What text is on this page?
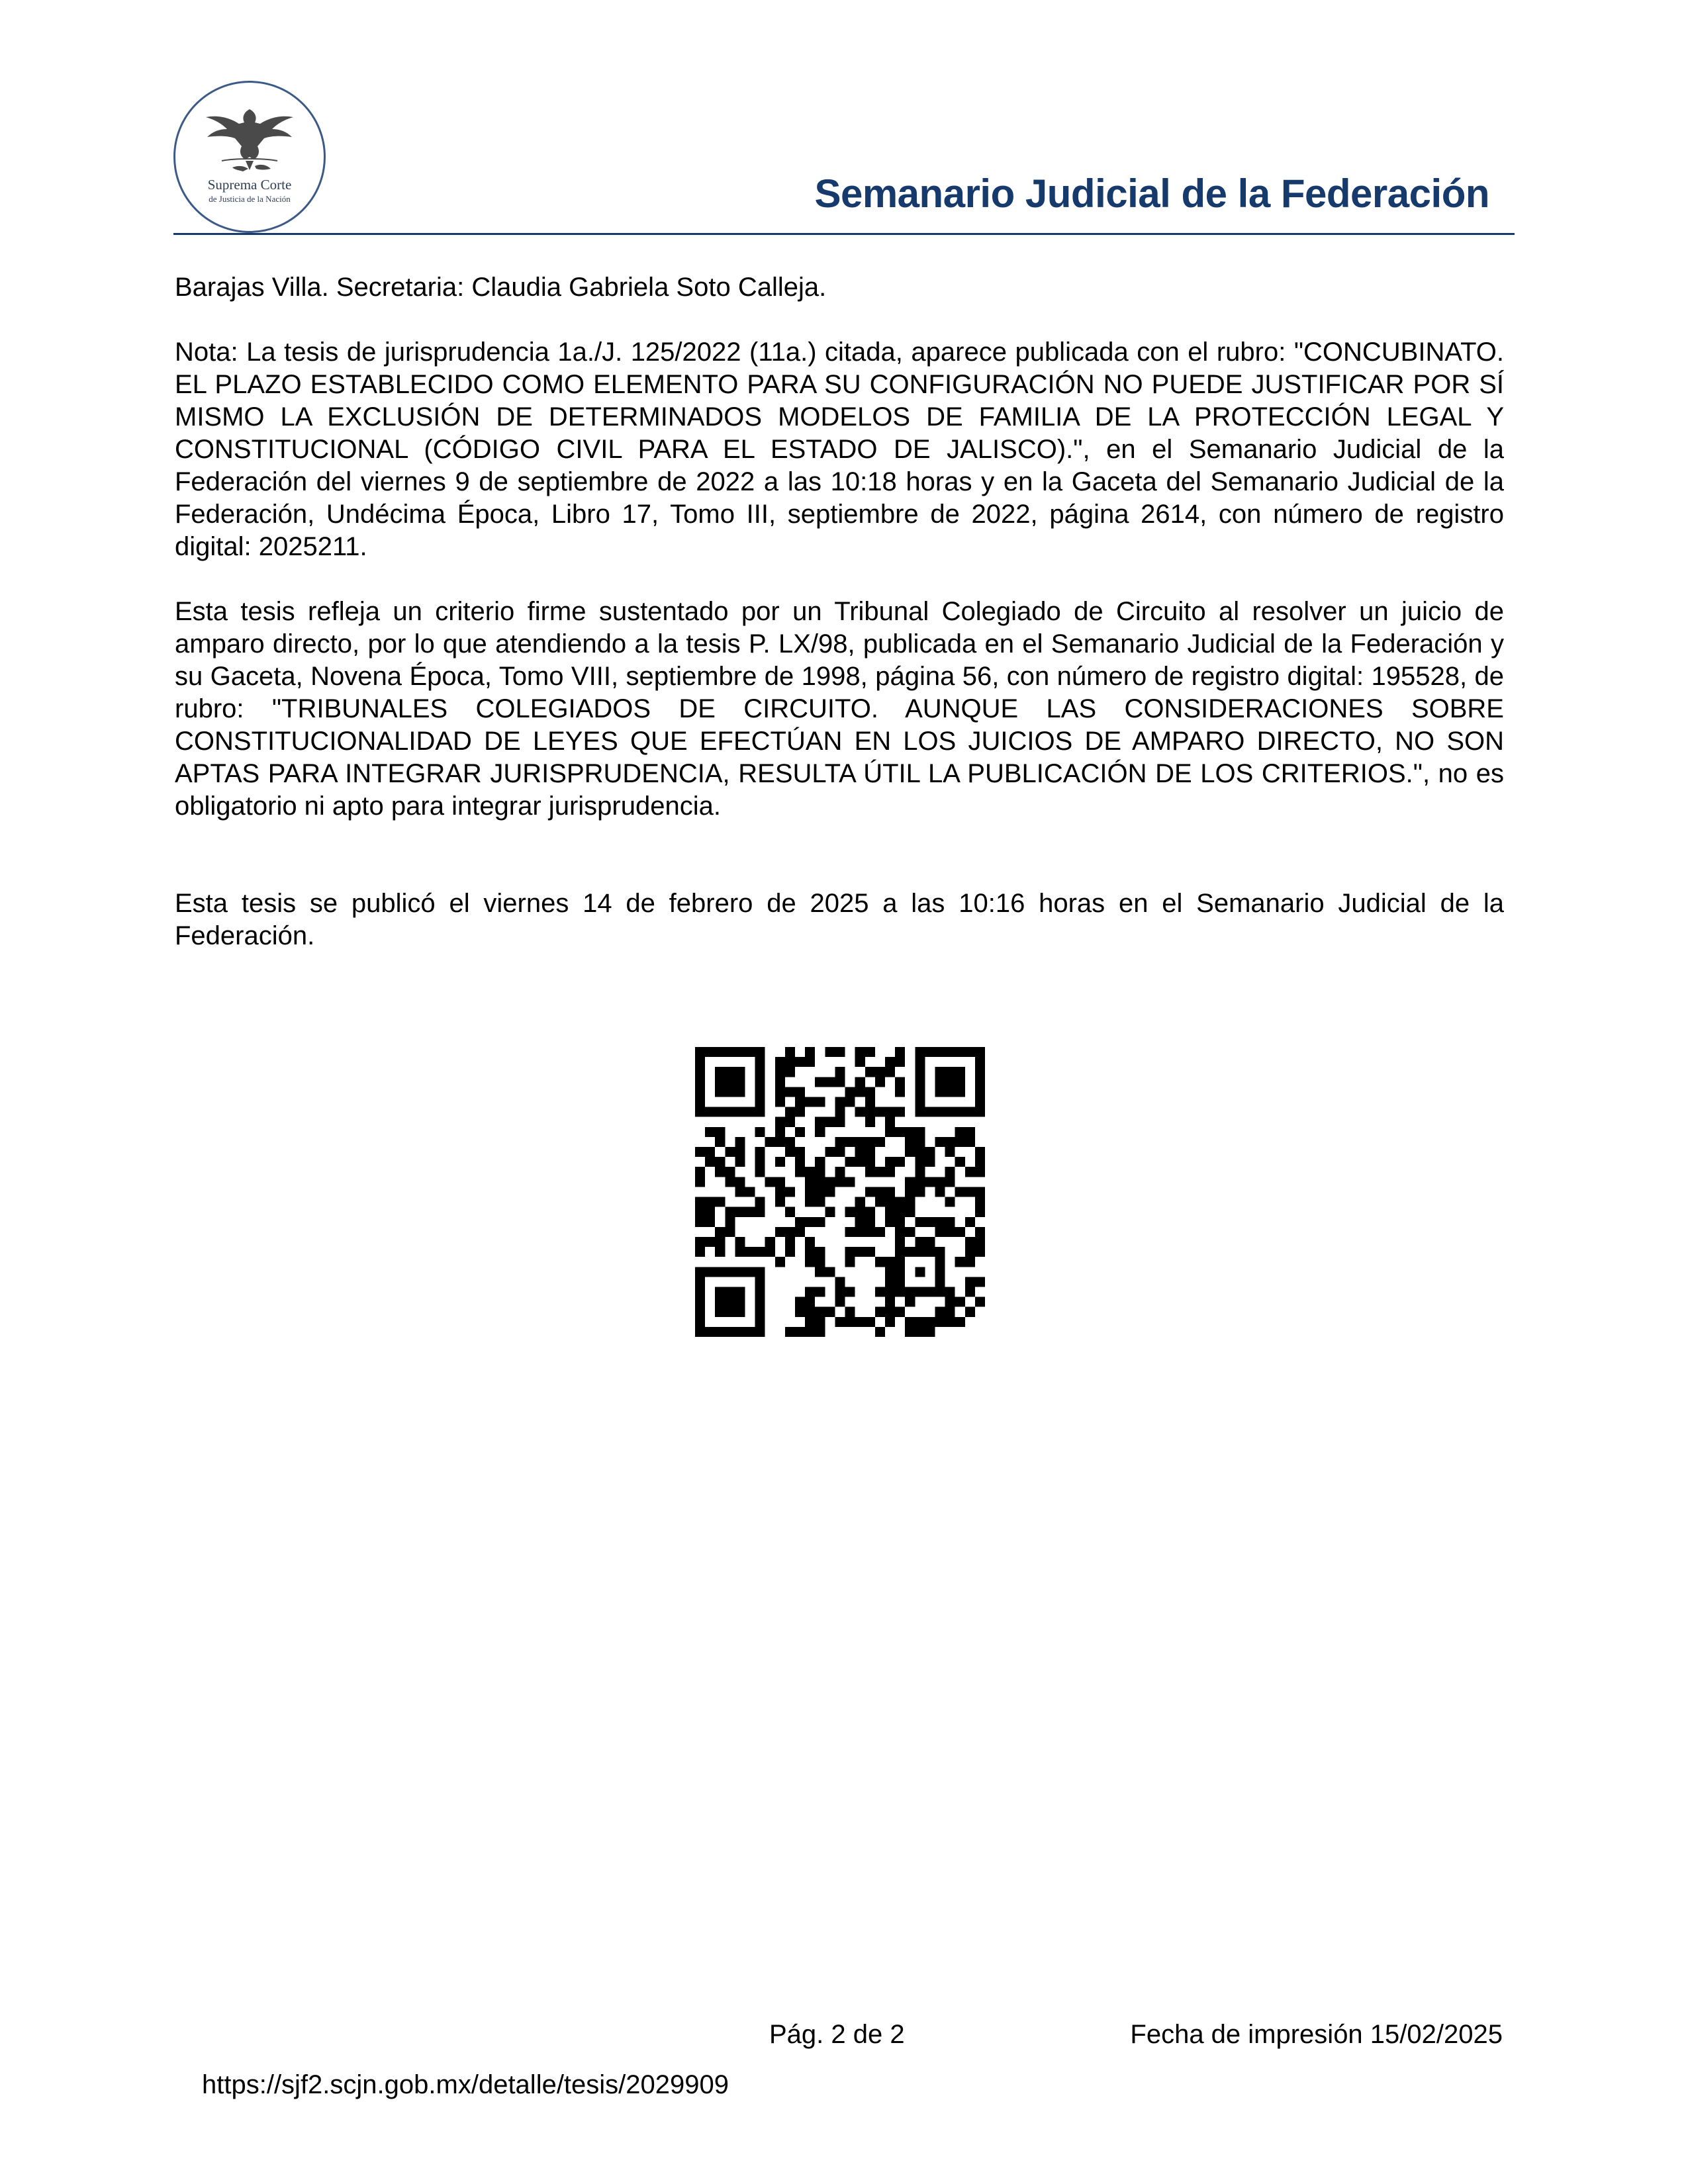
Suprema Corte
de Justicia de la Nación	Semanario Judicial de la Federación

Barajas Villa. Secretaria: Claudia Gabriela Soto Calleja.

Nota: La tesis de jurisprudencia 1a./J. 125/2022 (11a.) citada, aparece publicada con el rubro: "CONCUBINATO. EL PLAZO ESTABLECIDO COMO ELEMENTO PARA SU CONFIGURACIÓN NO PUEDE JUSTIFICAR POR SÍ MISMO LA EXCLUSIÓN DE DETERMINADOS MODELOS DE FAMILIA DE LA PROTECCIÓN LEGAL Y CONSTITUCIONAL (CÓDIGO CIVIL PARA EL ESTADO DE JALISCO).", en el Semanario Judicial de la Federación del viernes 9 de septiembre de 2022 a las 10:18 horas y en la Gaceta del Semanario Judicial de la Federación, Undécima Época, Libro 17, Tomo III, septiembre de 2022, página 2614, con número de registro digital: 2025211.

Esta tesis refleja un criterio firme sustentado por un Tribunal Colegiado de Circuito al resolver un juicio de amparo directo, por lo que atendiendo a la tesis P. LX/98, publicada en el Semanario Judicial de la Federación y su Gaceta, Novena Época, Tomo VIII, septiembre de 1998, página 56, con número de registro digital: 195528, de rubro: "TRIBUNALES COLEGIADOS DE CIRCUITO. AUNQUE LAS CONSIDERACIONES SOBRE CONSTITUCIONALIDAD DE LEYES QUE EFECTÚAN EN LOS JUICIOS DE AMPARO DIRECTO, NO SON APTAS PARA INTEGRAR JURISPRUDENCIA, RESULTA ÚTIL LA PUBLICACIÓN DE LOS CRITERIOS.", no es obligatorio ni apto para integrar jurisprudencia.

Esta tesis se publicó el viernes 14 de febrero de 2025 a las 10:16 horas en el Semanario Judicial de la Federación.

Pág. 2 de 2	Fecha de impresión 15/02/2025
https://sjf2.scjn.gob.mx/detalle/tesis/2029909
